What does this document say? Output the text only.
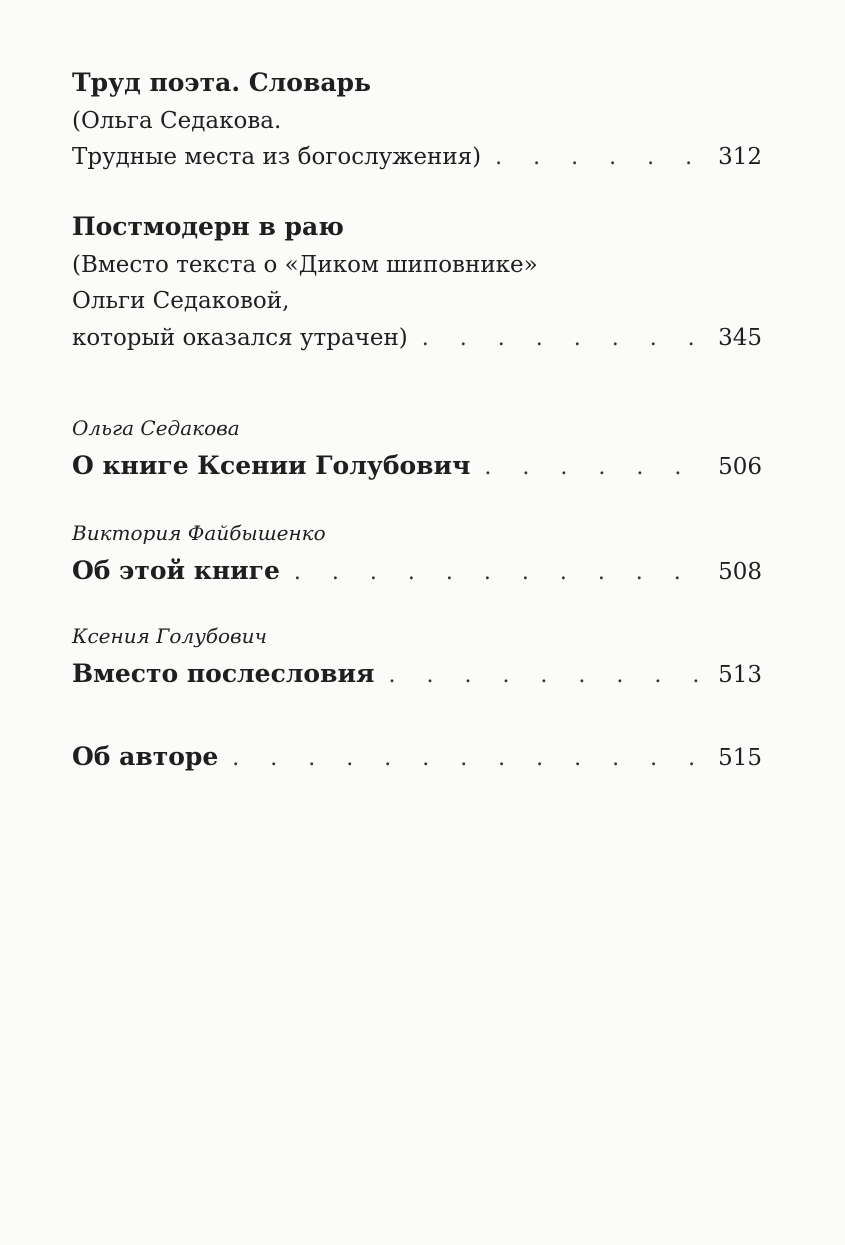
Труд поэта. Словарь
(Ольга Седакова.
Трудные места из богослужения) . . .	312
Постмодерн в раю
(Вместо текста о «Диком шиповнике»
Ольги Седаковой,
который оказался утрачен) . . .	345
Ольга Седакова
О книге Ксении Голубович . . .	506
Виктория Файбышенко
Об этой книге . . .	508
Ксения Голубович
Вместо послесловия . . .	513
Об авторе . . .	515
